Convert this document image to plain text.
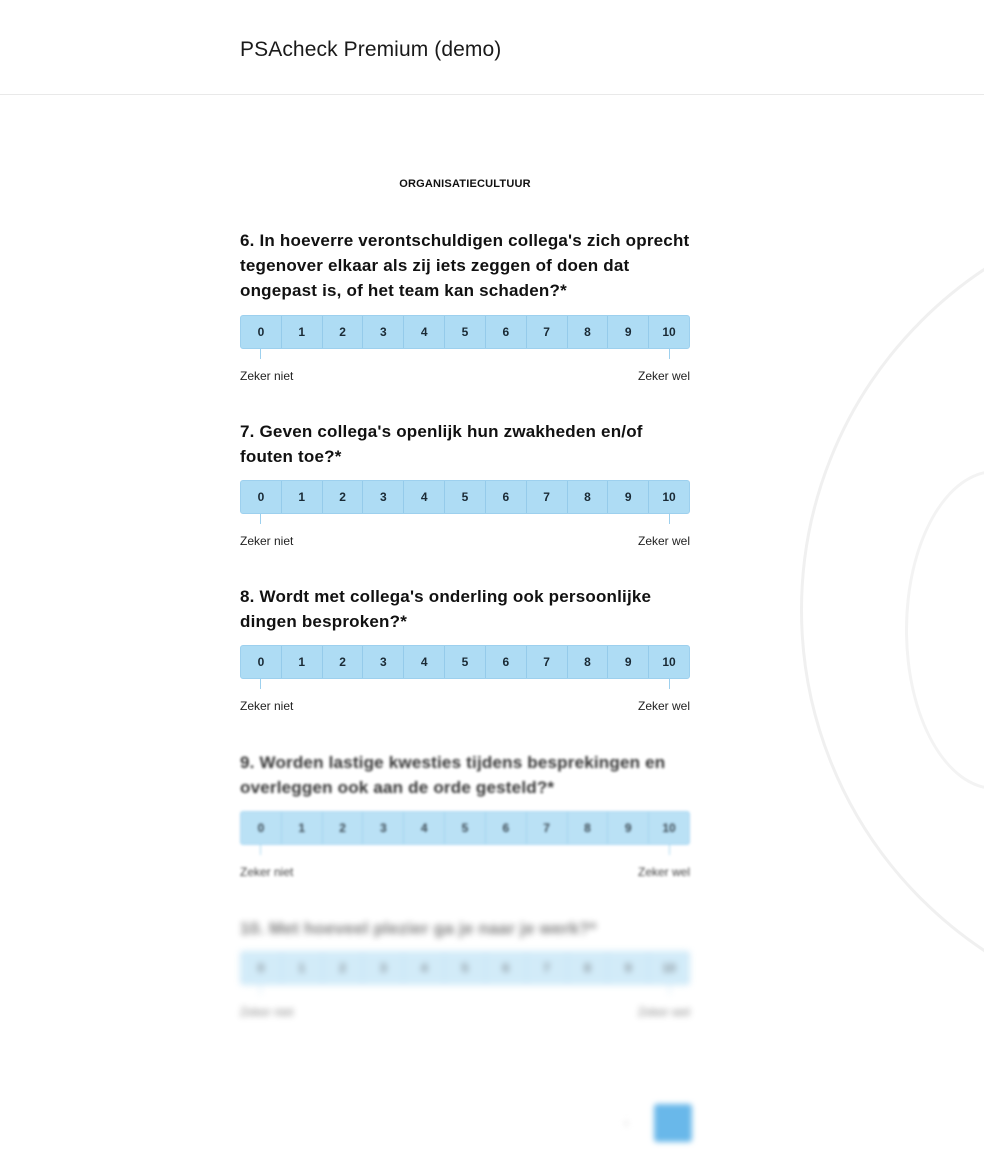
PSAcheck Premium (demo)
ORGANISATIECULTUUR
6. In hoeverre verontschuldigen collega's zich oprecht tegenover elkaar als zij iets zeggen of doen dat ongepast is, of het team kan schaden?*
0	1	2	3	4	5	6	7	8	9	10
Zeker niet	Zeker wel
7. Geven collega's openlijk hun zwakheden en/of fouten toe?*
0	1	2	3	4	5	6	7	8	9	10
Zeker niet	Zeker wel
8. Wordt met collega's onderling ook persoonlijke dingen besproken?*
0	1	2	3	4	5	6	7	8	9	10
Zeker niet	Zeker wel
9. Worden lastige kwesties tijdens besprekingen en overleggen ook aan de orde gesteld?*
0	1	2	3	4	5	6	7	8	9	10
Zeker niet	Zeker wel
10. Met hoeveel plezier ga je naar je werk?*
0	1	2	3	4	5	6	7	8	9	10
Zeker niet	Zeker wel
‹
